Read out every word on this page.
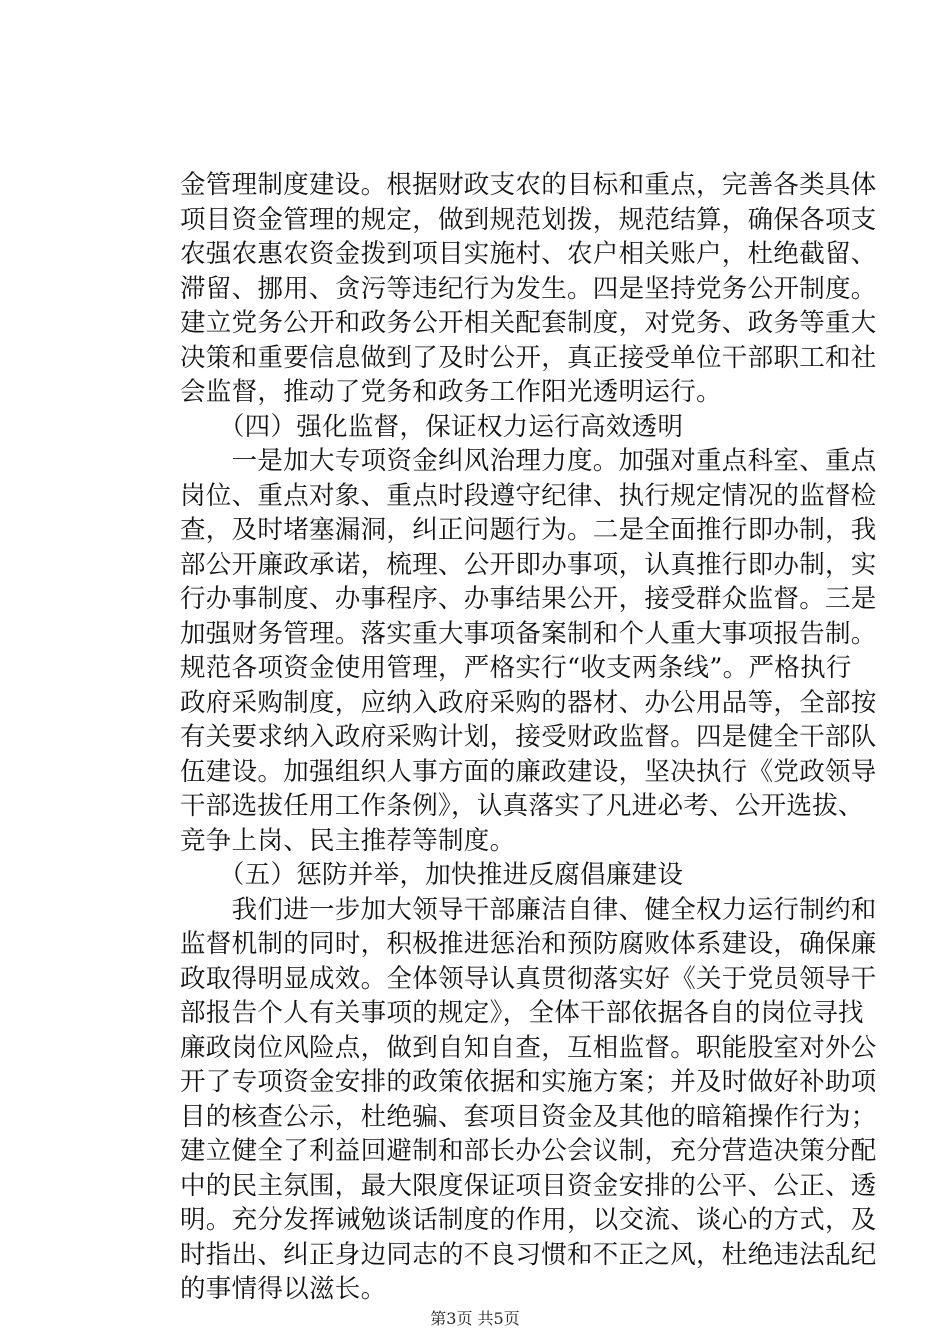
金管理制度建设。根据财政支农的目标和重点，完善各类具体
项目资金管理的规定，做到规范划拨，规范结算，确保各项支
农强农惠农资金拨到项目实施村、农户相关账户，杜绝截留、
滞留、挪用、贪污等违纪行为发生。四是坚持党务公开制度。
建立党务公开和政务公开相关配套制度，对党务、政务等重大
决策和重要信息做到了及时公开，真正接受单位干部职工和社
会监督，推动了党务和政务工作阳光透明运行。
　　（四）强化监督，保证权力运行高效透明
　　一是加大专项资金纠风治理力度。加强对重点科室、重点
岗位、重点对象、重点时段遵守纪律、执行规定情况的监督检
查，及时堵塞漏洞，纠正问题行为。二是全面推行即办制，我
部公开廉政承诺，梳理、公开即办事项，认真推行即办制，实
行办事制度、办事程序、办事结果公开，接受群众监督。三是
加强财务管理。落实重大事项备案制和个人重大事项报告制。
规范各项资金使用管理，严格实行“收支两条线”。严格执行
政府采购制度，应纳入政府采购的器材、办公用品等，全部按
有关要求纳入政府采购计划，接受财政监督。四是健全干部队
伍建设。加强组织人事方面的廉政建设，坚决执行《党政领导
干部选拔任用工作条例》，认真落实了凡进必考、公开选拔、
竞争上岗、民主推荐等制度。
　　（五）惩防并举，加快推进反腐倡廉建设
　　我们进一步加大领导干部廉洁自律、健全权力运行制约和
监督机制的同时，积极推进惩治和预防腐败体系建设，确保廉
政取得明显成效。全体领导认真贯彻落实好《关于党员领导干
部报告个人有关事项的规定》，全体干部依据各自的岗位寻找
廉政岗位风险点，做到自知自查，互相监督。职能股室对外公
开了专项资金安排的政策依据和实施方案；并及时做好补助项
目的核查公示，杜绝骗、套项目资金及其他的暗箱操作行为；
建立健全了利益回避制和部长办公会议制，充分营造决策分配
中的民主氛围，最大限度保证项目资金安排的公平、公正、透
明。充分发挥诫勉谈话制度的作用，以交流、谈心的方式，及
时指出、纠正身边同志的不良习惯和不正之风，杜绝违法乱纪
的事情得以滋长。
第3页 共5页
